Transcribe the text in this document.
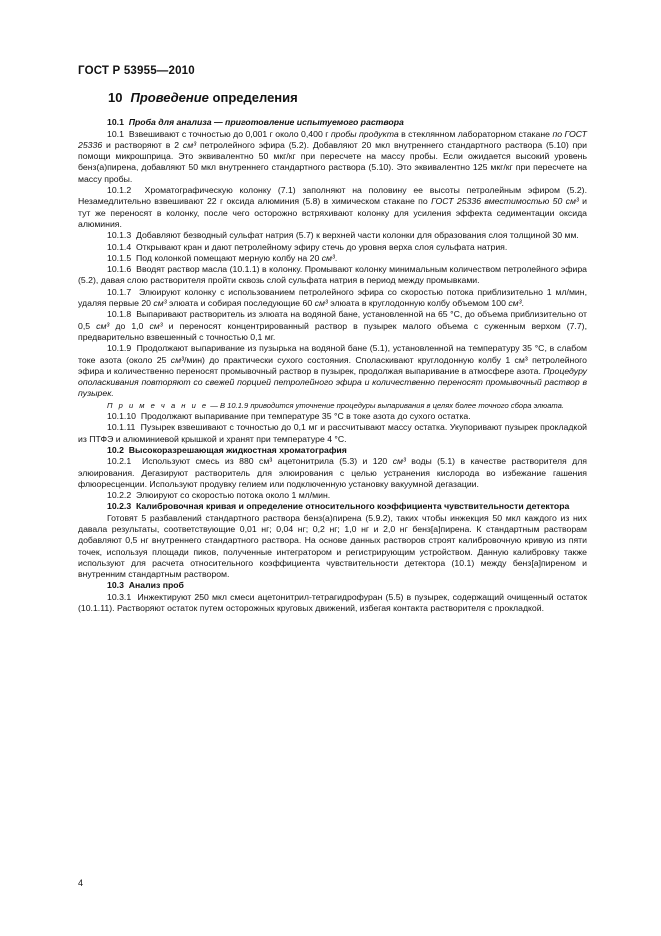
ГОСТ Р 53955—2010
10 Проведение определения

10.1 Проба для анализа — приготовление испытуемого раствора

10.1 Взвешивают с точностью до 0,001 г около 0,400 г пробы продукта в стеклянном лабораторном стакане по ГОСТ 25336 и растворяют в 2 см³ петролейного эфира (5.2). Добавляют 20 мкл внутреннего стандартного раствора (5.10) при помощи микрошприца. Это эквивалентно 50 мкг/кг при пересчете на массу пробы. Если ожидается высокий уровень бенз(а)пирена, добавляют 50 мкл внутреннего стандартного раствора (5.10). Это эквивалентно 125 мкг/кг при пересчете на массу пробы.

10.1.2 Хроматографическую колонку (7.1) заполняют на половину ее высоты петролейным эфиром (5.2). Незамедлительно взвешивают 22 г оксида алюминия (5.8) в химическом стакане по ГОСТ 25336 вместимостью 50 см³ и тут же переносят в колонку, после чего осторожно встряхивают колонку для усиления эффекта седиментации оксида алюминия.

10.1.3 Добавляют безводный сульфат натрия (5.7) к верхней части колонки для образования слоя толщиной 30 мм.

10.1.4 Открывают кран и дают петролейному эфиру стечь до уровня верха слоя сульфата натрия.

10.1.5 Под колонкой помещают мерную колбу на 20 см³.

10.1.6 Вводят раствор масла (10.1.1) в колонку. Промывают колонку минимальным количеством петролейного эфира (5.2), давая слою растворителя пройти сквозь слой сульфата натрия в период между промывками.

10.1.7 Элюируют колонку с использованием петролейного эфира со скоростью потока приблизительно 1 мл/мин, удаляя первые 20 см³ элюата и собирая последующие 60 см³ элюата в круглодонную колбу объемом 100 см³.

10.1.8 Выпаривают растворитель из элюата на водяной бане, установленной на 65 °С, до объема приблизительно от 0,5 см³ до 1,0 см³ и переносят концентрированный раствор в пузырек малого объема с суженным верхом (7.7), предварительно взвешенный с точностью 0,1 мг.

10.1.9 Продолжают выпаривание из пузырька на водяной бане (5.1), установленной на температуру 35 °С, в слабом токе азота (около 25 см³/мин) до практически сухого состояния. Споласкивают круглодонную колбу 1 см³ петролейного эфира и количественно переносят промывочный раствор в пузырек, продолжая выпаривание в атмосфере азота. Процедуру ополаскивания повторяют со свежей порцией петролейного эфира и количественно переносят промывочный раствор в пузырек.

П р и м е ч а н и е — В 10.1.9 приводится уточнение процедуры выпаривания в целях более точного сбора элюата.

10.1.10 Продолжают выпаривание при температуре 35 °С в токе азота до сухого остатка.

10.1.11 Пузырек взвешивают с точностью до 0,1 мг и рассчитывают массу остатка. Укупоривают пузырек прокладкой из ПТФЭ и алюминиевой крышкой и хранят при температуре 4 °С.

10.2 Высокоразрешающая жидкостная хроматография

10.2.1 Используют смесь из 880 см³ ацетонитрила (5.3) и 120 см³ воды (5.1) в качестве растворителя для элюирования. Дегазируют растворитель для элюирования с целью устранения кислорода во избежание гашения флюоресценции. Используют продувку гелием или подключенную установку вакуумной дегазации.

10.2.2 Элюируют со скоростью потока около 1 мл/мин.

10.2.3 Калибровочная кривая и определение относительного коэффициента чувствительности детектора

Готовят 5 разбавлений стандартного раствора бенз(а)пирена (5.9.2), таких чтобы инжекция 50 мкл каждого из них давала результаты, соответствующие 0,01 нг; 0,04 нг; 0,2 нг; 1,0 нг и 2,0 нг бенз[а]пирена. К стандартным растворам добавляют 0,5 нг внутреннего стандартного раствора. На основе данных растворов строят калибровочную кривую из пяти точек, используя площади пиков, полученные интегратором и регистрирующим устройством. Данную калибровку также используют для расчета относительного коэффициента чувствительности детектора (10.1) между бенз[а]пиреном и внутренним стандартным раствором.

10.3 Анализ проб

10.3.1 Инжектируют 250 мкл смеси ацетонитрил-тетрагидрофуран (5.5) в пузырек, содержащий очищенный остаток (10.1.11). Растворяют остаток путем осторожных круговых движений, избегая контакта растворителя с прокладкой.

4
